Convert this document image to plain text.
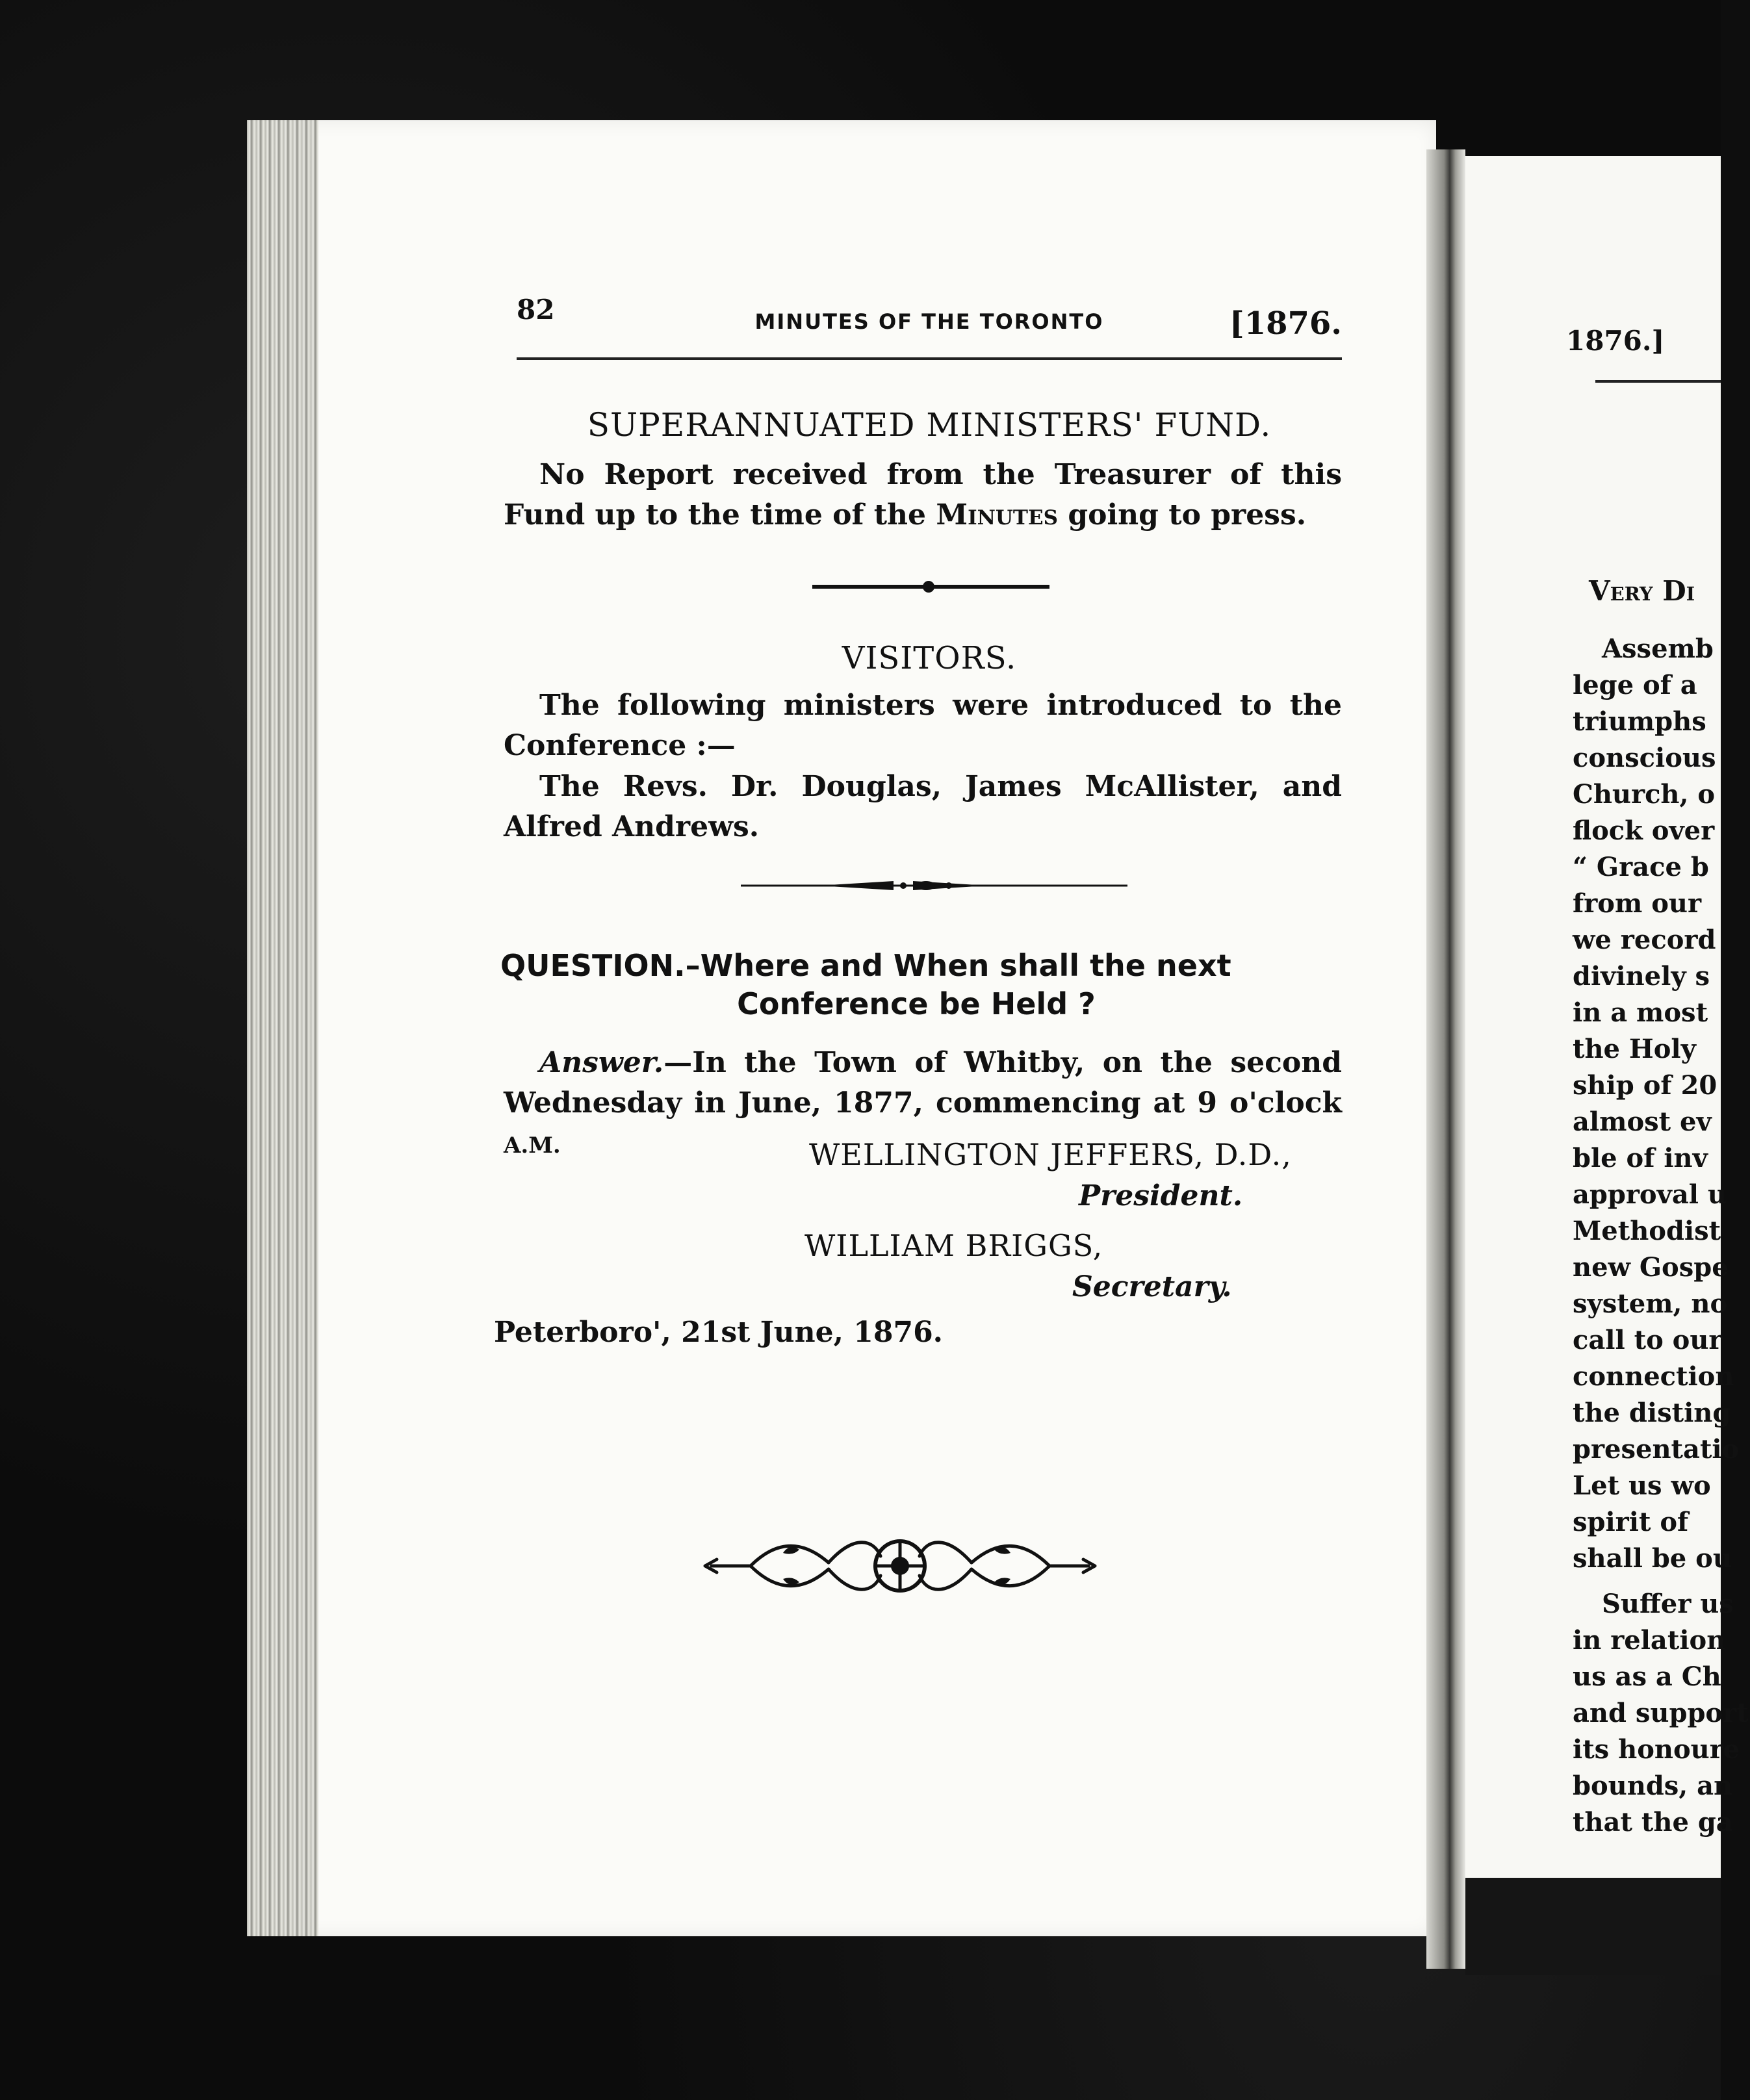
82	MINUTES OF THE TORONTO	[1876.
SUPERANNUATED MINISTERS' FUND.
No Report received from the Treasurer of this Fund up to the time of the Minutes going to press.
VISITORS.
The following ministers were introduced to the Conference :—
The Revs. Dr. Douglas, James McAllister, and Alfred Andrews.
QUESTION.–Where and When shall the next
Conference be Held ?
Answer.—In the Town of Whitby, on the second Wednesday in June, 1877, commencing at 9 o'clock A.M.	WELLINGTON JEFFERS, D.D.,
President.
WILLIAM BRIGGS,
Secretary.
Peterboro', 21st June, 1876.
1876.]
Very Di
Assemb
lege of a
triumphs
conscious
Church, o
flock over
“ Grace b
from our
we record
divinely s
in a most
the Holy
ship of 20
almost ev
ble of inv
approval u
Methodist
new Gospe
system, no
call to our
connection
the disting
presentatio
Let us wo
spirit of
shall be ou
Suffer us
in relation
us as a Ch
and support
its honoure
bounds, an
that the ga
